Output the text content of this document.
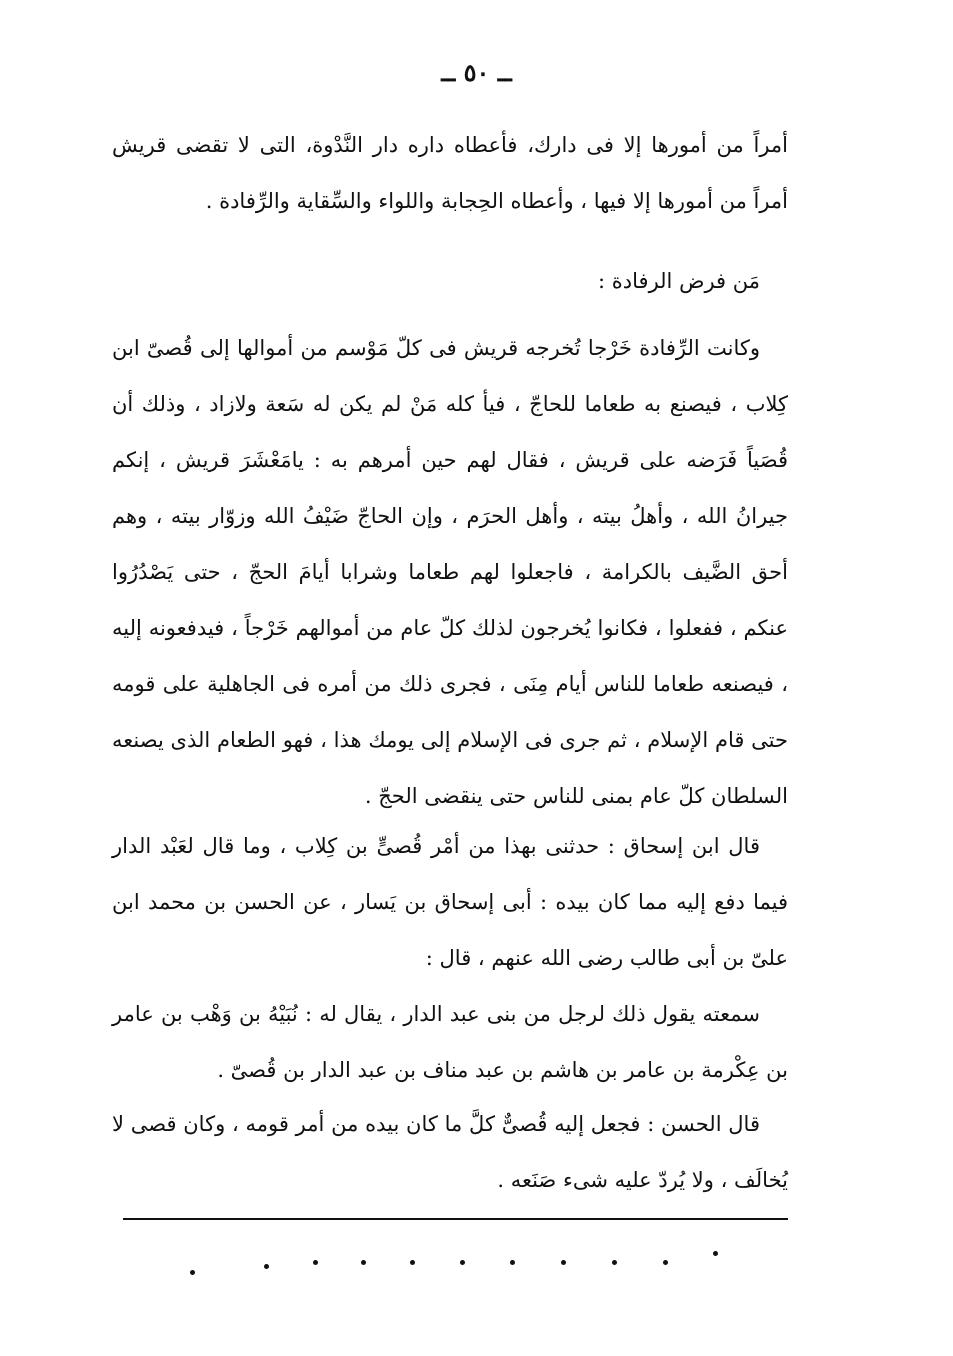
ــ ٥٠ ــ

أمراً من أمورها إلا فى دارك، فأعطاه داره دار النَّدْوة، التى لا تقضى قريش أمراً من أمورها إلا فيها ، وأعطاه الحِجابة واللواء والسِّقاية والرِّفادة .

مَن فرض الرفادة :

وكانت الرِّفادة خَرْجا تُخرجه قريش فى كلّ مَوْسم من أموالها إلى قُصىّ ابن كِلاب ، فيصنع به طعاما للحاجّ ، فيأ كله مَنْ لم يكن له سَعة ولازاد ، وذلك أن قُصَياً فَرَضه على قريش ، فقال لهم حين أمرهم به : يامَعْشَرَ قريش ، إنكم جيرانُ الله ، وأهلُ بيته ، وأهل الحرَم ، وإن الحاجّ ضَيْفُ الله وزوّار بيته ، وهم أحق الضَّيف بالكرامة ، فاجعلوا لهم طعاما وشرابا أيامَ الحجّ ، حتى يَصْدُرُوا عنكم ، ففعلوا ، فكانوا يُخرجون لذلك كلّ عام من أموالهم خَرْجاً ، فيدفعونه إليه ، فيصنعه طعاما للناس أيام مِنَى ، فجرى ذلك من أمره فى الجاهلية على قومه حتى قام الإسلام ، ثم جرى فى الإسلام إلى يومك هذا ، فهو الطعام الذى يصنعه السلطان كلّ عام بمنى للناس حتى ينقضى الحجّ .

قال ابن إسحاق : حدثنى بهذا من أمْر قُصىٍّ بن كِلاب ، وما قال لعَبْد الدار فيما دفع إليه مما كان بيده : أبى إسحاق بن يَسار ، عن الحسن بن محمد ابن علىّ بن أبى طالب رضى الله عنهم ، قال :

سمعته يقول ذلك لرجل من بنى عبد الدار ، يقال له : نُبَيْهُ بن وَهْب بن عامر بن عِكْرمة بن عامر بن هاشم بن عبد مناف بن عبد الدار بن قُصىّ .

قال الحسن : فجعل إليه قُصىٌّ كلَّ ما كان بيده من أمر قومه ، وكان قصى لا يُخالَف ، ولا يُردّ عليه شىء صَنَعه .
